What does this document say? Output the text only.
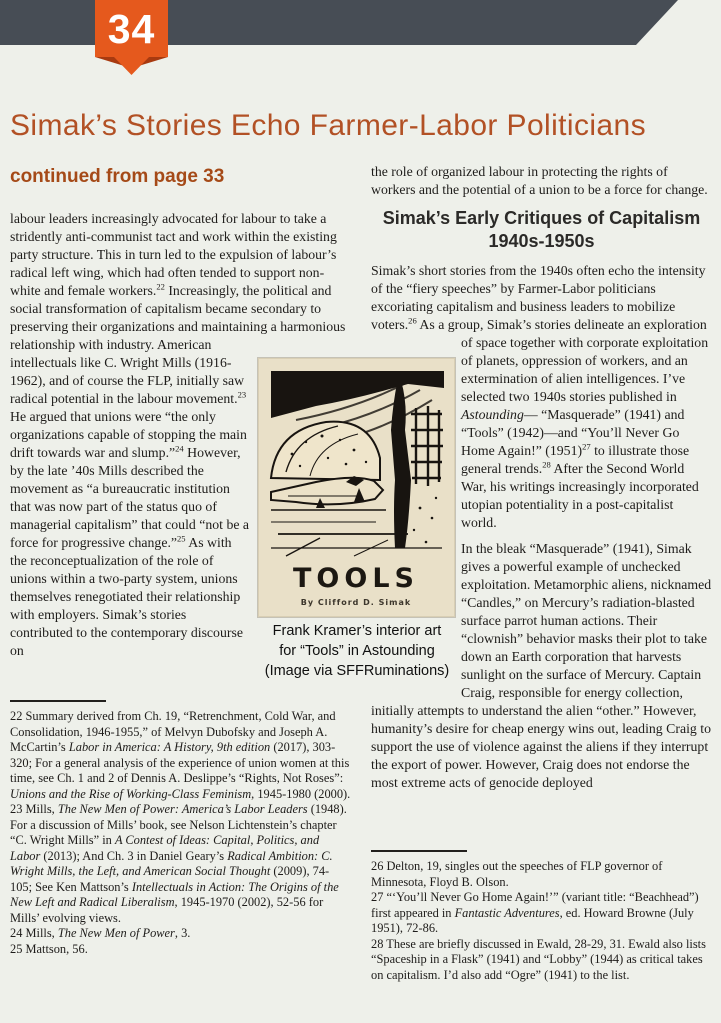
34
Simak’s Stories Echo Farmer-Labor Politicians
continued from page 33

labour leaders increasingly advocated for labour to take a stridently anti-communist tact and work within the existing party structure. This in turn led to the expulsion of labour’s radical left wing, which had often tended to support non-white and female workers.$^{22}$ Increasingly, the political and social transformation of capitalism became secondary to preserving their organizations and maintaining a harmonious relationship with industry. American intellectuals like C. Wright Mills (1916-1962), and of course the FLP, initially saw radical potential in the labour movement.$^{23}$ He argued that unions were “the only organizations capable of stopping the main drift towards war and slump.”$^{24}$ However, by the late ’40s Mills described the movement as “a bureaucratic institution that was now part of the status quo of managerial capitalism” that could “not be a force for progressive change.”$^{25}$ As with the reconceptualization of the role of unions within a two-party system, unions themselves renegotiated their relationship with employers. Simak’s stories contributed to the contemporary discourse on

the role of organized labour in protecting the rights of workers and the potential of a union to be a force for change.

Simak’s Early Critiques of Capitalism
1940s-1950s

Simak’s short stories from the 1940s often echo the intensity of the “fiery speeches” by Farmer-Labor politicians excoriating capitalism and business leaders to mobilize voters.$^{26}$ As a group, Simak’s stories delineate an exploration of space together with corporate exploitation of planets, oppression of workers, and an extermination of alien intelligences. I’ve selected two 1940s stories published in Astounding— “Masquerade” (1941) and “Tools” (1942)—and “You’ll Never Go Home Again!” $(1951)^{27}$ to illustrate those general trends.$^{28}$ After the Second World War, his writings increasingly incorporated utopian potentiality in a post-capitalist world.

In the bleak “Masquerade” (1941), Simak gives a powerful example of unchecked exploitation. Metamorphic aliens, nicknamed “Candles,” on Mercury’s radiation-blasted surface parrot human actions. Their “clownish” behavior masks their plot to take down an Earth corporation that harvests sunlight on the surface of Mercury. Captain Craig, responsible for energy collection, initially attempts to understand the alien “other.” However, humanity’s desire for cheap energy wins out, leading Craig to support the use of violence against the aliens if they interrupt the export of power. However, Craig does not endorse the most extreme acts of genocide deployed

TOOLS
By Clifford D. Simak
Frank Kramer’s interior art
for “Tools” in Astounding
(Image via SFFRuminations)

22 Summary derived from Ch. 19, “Retrenchment, Cold War, and Consolidation, 1946-1955,” of Melvyn Dubofsky and Joseph A. McCartin’s Labor in America: A History, 9th edition (2017), 303-320; For a general analysis of the experience of union women at this time, see Ch. 1 and 2 of Dennis A. Deslippe’s “Rights, Not Roses”: Unions and the Rise of Working-Class Feminism, 1945-1980 (2000).

23 Mills, The New Men of Power: America’s Labor Leaders (1948). For a discussion of Mills’ book, see Nelson Lichtenstein’s chapter “C. Wright Mills” in A Contest of Ideas: Capital, Politics, and Labor (2013); And Ch. 3 in Daniel Geary’s Radical Ambition: C. Wright Mills, the Left, and American Social Thought (2009), 74-105; See Ken Mattson’s Intellectuals in Action: The Origins of the New Left and Radical Liberalism, 1945-1970 (2002), 52-56 for Mills’ evolving views.

24 Mills, The New Men of Power, 3.

25 Mattson, 56.

26 Delton, 19, singles out the speeches of FLP governor of Minnesota, Floyd B. Olson.

27 “‘You’ll Never Go Home Again!’” (variant title: “Beachhead”) first appeared in Fantastic Adventures, ed. Howard Browne (July 1951), 72-86.

28 These are briefly discussed in Ewald, 28-29, 31. Ewald also lists “Spaceship in a Flask” (1941) and “Lobby” (1944) as critical takes on capitalism. I’d also add “Ogre” (1941) to the list.
